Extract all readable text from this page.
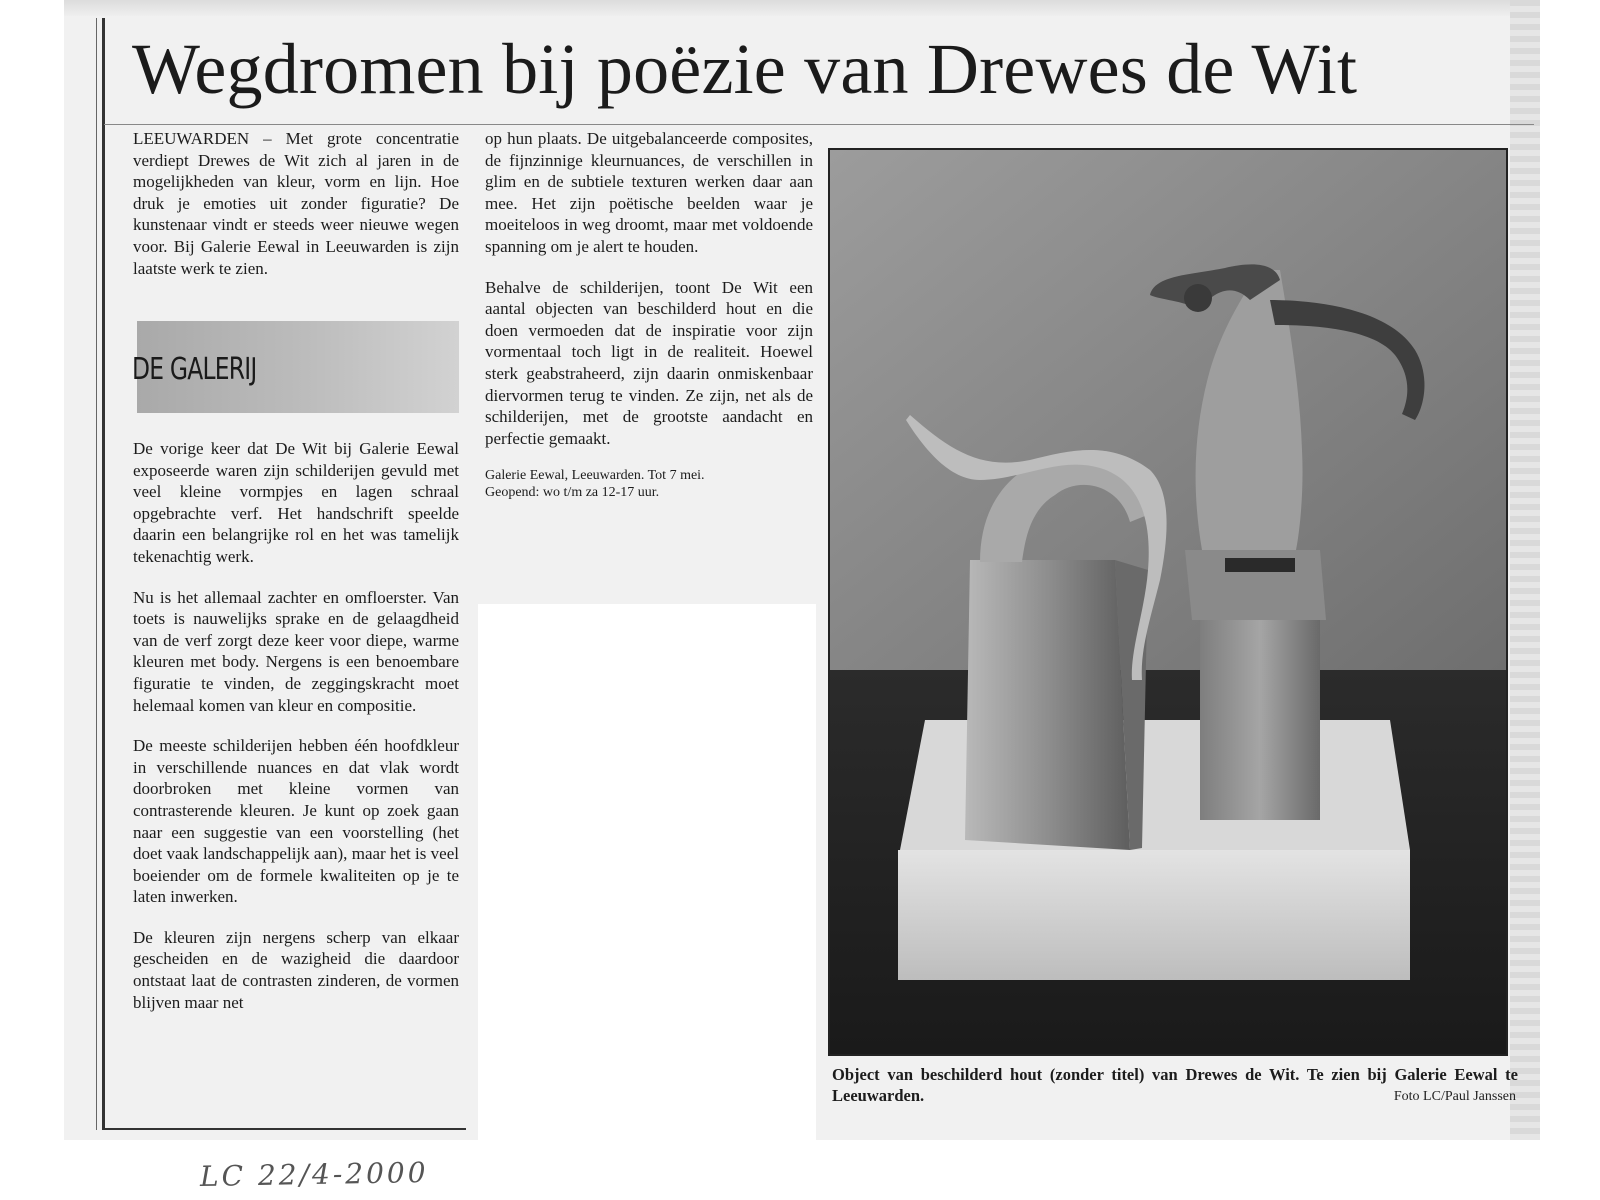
Wegdromen bij poëzie van Drewes de Wit

LEEUWARDEN – Met grote concentratie verdiept Drewes de Wit zich al jaren in de mogelijkheden van kleur, vorm en lijn. Hoe druk je emoties uit zonder figuratie? De kunstenaar vindt er steeds weer nieuwe wegen voor. Bij Galerie Eewal in Leeuwarden is zijn laatste werk te zien.

DE GALERIJ

De vorige keer dat De Wit bij Galerie Eewal exposeerde waren zijn schilderijen gevuld met veel kleine vormpjes en lagen schraal opgebrachte verf. Het handschrift speelde daarin een belangrijke rol en het was tamelijk tekenachtig werk.

Nu is het allemaal zachter en omfloerster. Van toets is nauwelijks sprake en de gelaagdheid van de verf zorgt deze keer voor diepe, warme kleuren met body. Nergens is een benoembare figuratie te vinden, de zeggingskracht moet helemaal komen van kleur en compositie.

De meeste schilderijen hebben één hoofdkleur in verschillende nuances en dat vlak wordt doorbroken met kleine vormen van contrasterende kleuren. Je kunt op zoek gaan naar een suggestie van een voorstelling (het doet vaak landschappelijk aan), maar het is veel boeiender om de formele kwaliteiten op je te laten inwerken.

De kleuren zijn nergens scherp van elkaar gescheiden en de wazigheid die daardoor ontstaat laat de contrasten zinderen, de vormen blijven maar net

op hun plaats. De uitgebalanceerde composites, de fijnzinnige kleurnuances, de verschillen in glim en de subtiele texturen werken daar aan mee. Het zijn poëtische beelden waar je moeiteloos in weg droomt, maar met voldoende spanning om je alert te houden.

Behalve de schilderijen, toont De Wit een aantal objecten van beschilderd hout en die doen vermoeden dat de inspiratie voor zijn vormentaal toch ligt in de realiteit. Hoewel sterk geabstraheerd, zijn daarin onmiskenbaar diervormen terug te vinden. Ze zijn, net als de schilderijen, met de grootste aandacht en perfectie gemaakt.

Galerie Eewal, Leeuwarden. Tot 7 mei.
Geopend: wo t/m za 12-17 uur.

Object van beschilderd hout (zonder titel) van Drewes de Wit. Te zien bij Galerie Eewal te Leeuwarden.	Foto LC/Paul Janssen
LC 22/4-2000
